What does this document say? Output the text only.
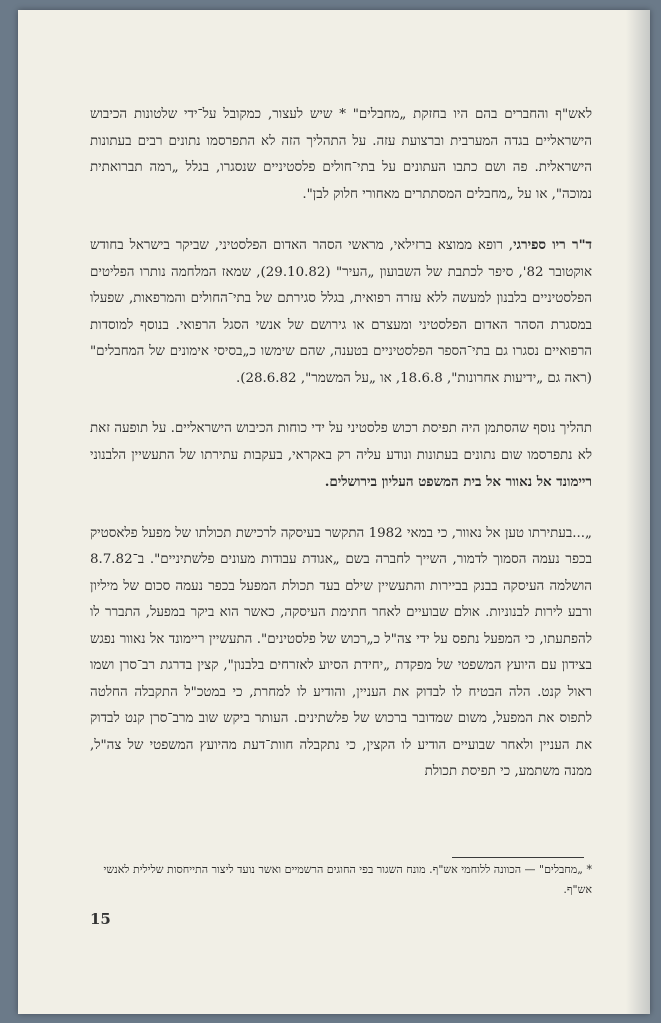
לאש"ף והחברים בהם היו בחזקת „מחבלים" * שיש לעצור, כמקובל על־ידי שלטונות הכיבוש הישראליים בגדה המערבית וברצועת עזה. על התהליך הזה לא התפרסמו נתונים רבים בעתונות הישראלית. פה ושם כתבו העתונים על בתי־חולים פלסטיניים שנסגרו, בגלל „רמה תברואתית נמוכה", או על „מחבלים המסתתרים מאחורי חלוק לבן".

ד"ר ריו ספירגי, רופא ממוצא ברזילאי, מראשי הסהר האדום הפלסטיני, שביקר בישראל בחודש אוקטובר 82', סיפר לכתבת של השבועון „העיר" (29.10.82), שמאז המלחמה נותרו הפליטים הפלסטיניים בלבנון למעשה ללא עזרה רפואית, בגלל סגירתם של בתי־החולים והמרפאות, שפעלו במסגרת הסהר האדום הפלסטיני ומעצרם או גירושם של אנשי הסגל הרפואי. בנוסף למוסדות הרפואיים נסגרו גם בתי־הספר הפלסטיניים בטענה, שהם שימשו כ„בסיסי אימונים של המחבלים" (ראה גם „ידיעות אחרונות", 18.6.8, או „על המשמר", 28.6.82).

תהליך נוסף שהסתמן היה תפיסת רכוש פלסטיני על ידי כוחות הכיבוש הישראליים. על תופעה זאת לא נתפרסמו שום נתונים בעתונות ונודע עליה רק באקראי, בעקבות עתירתו של התעשיין הלבנוני ריימונד אל נאוור אל בית המשפט העליון בירושלים.

„...בעתירתו טען אל נאוור, כי במאי 1982 התקשר בעיסקה לרכישת תכולתו של מפעל פלאסטיק בכפר נעמה הסמוך לדמור, השייך לחברה בשם „אגודת עבודות מעונים פלשתיניים". ב־8.7.82 הושלמה העיסקה בבנק בביירות והתעשיין שילם בעד תכולת המפעל בכפר נעמה סכום של מיליון ורבע לירות לבנוניות. אולם שבועיים לאחר חתימת העיסקה, כאשר הוא ביקר במפעל, התברר לו להפתעתו, כי המפעל נתפס על ידי צה"ל כ„רכוש של פלסטינים". התעשיין ריימונד אל נאוור נפגש בצידון עם היועץ המשפטי של מפקדת „יחידת הסיוע לאזרחים בלבנון", קצין בדרגת רב־סרן ושמו ראול קנט. הלה הבטיח לו לבדוק את העניין, והודיע לו למחרת, כי במטכ"ל התקבלה החלטה לתפוס את המפעל, משום שמדובר ברכוש של פלשתינים. העותר ביקש שוב מרב־סרן קנט לבדוק את העניין ולאחר שבועיים הודיע לו הקצין, כי נתקבלה חוות־דעת מהיועץ המשפטי של צה"ל, ממנה משתמע, כי תפיסת תכולת

* „מחבלים" — הכוונה ללוחמי אש"ף. מונח השגור בפי החוגים הרשמיים ואשר נועד ליצור התייחסות שלילית לאנשי אש"ף.
15
